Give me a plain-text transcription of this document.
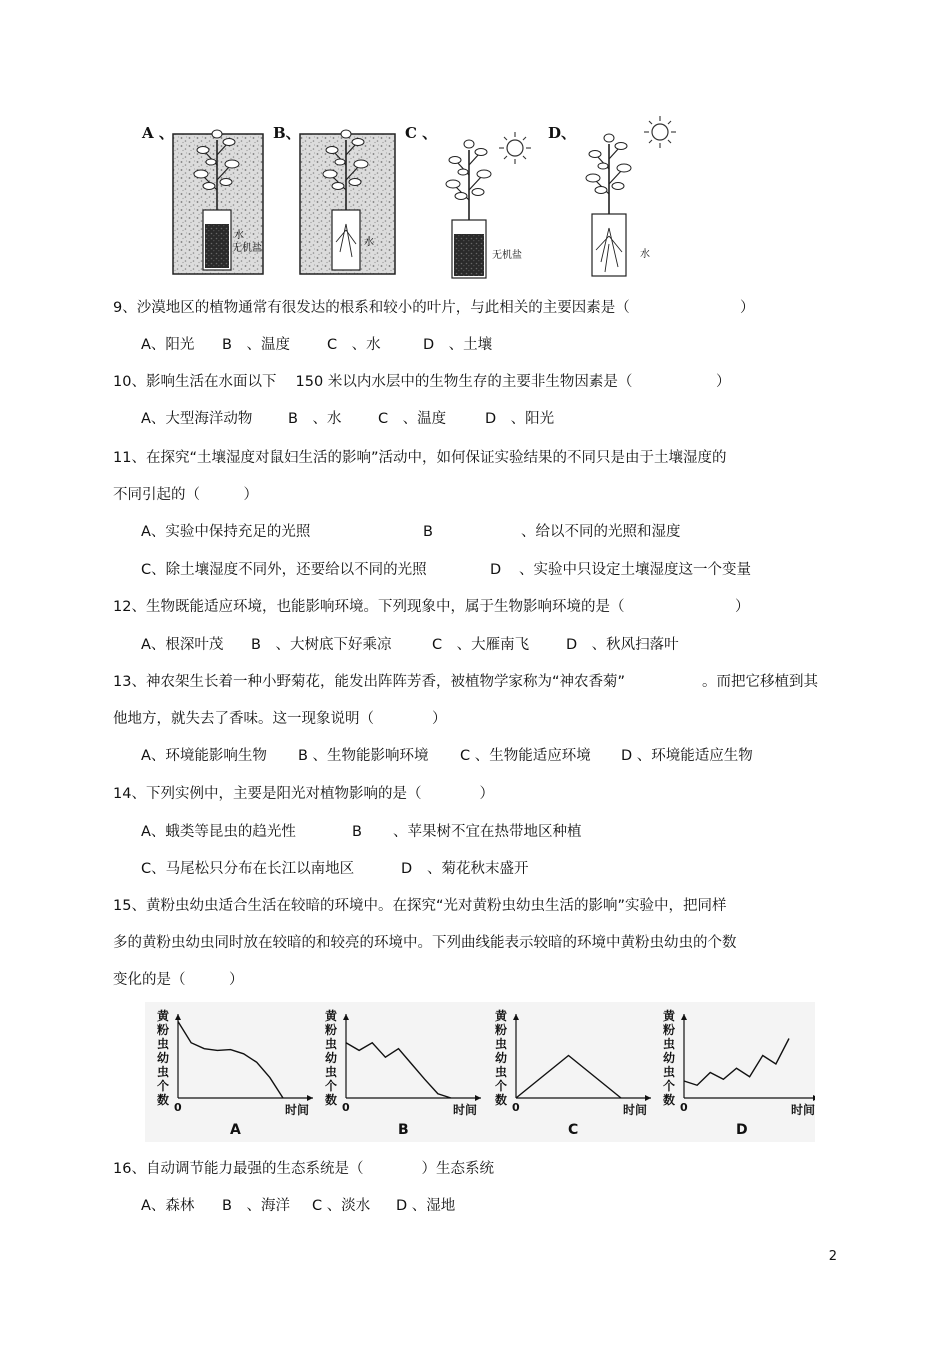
水
无机盐
水
无机盐	水
A 、	B、	C 、	D、
9、沙漠地区的植物通常有很发达的根系和较小的叶片，与此相关的主要因素是（	）
A、阳光 B　、温度	C　、水	D　、土壤
10、影响生活在水面以下　 150 米以内水层中的生物生存的主要非生物因素是（	）
A、大型海洋动物 B　、水	C　、温度	D　、阳光
11、在探究“土壤湿度对鼠妇生活的影响”活动中，如何保证实验结果的不同只是由于土壤湿度的
不同引起的（　　　）
A、实验中保持充足的光照	B	、给以不同的光照和湿度
C、除土壤湿度不同外，还要给以不同的光照	D 、实验中只设定土壤湿度这一个变量
12、生物既能适应环境，也能影响环境。下列现象中，属于生物影响环境的是（	）
A、根深叶茂 B　、大树底下好乘凉	C　、大雁南飞	D　、秋风扫落叶
13、神农架生长着一种小野菊花，能发出阵阵芳香，被植物学家称为“神农香菊”	。而把它移植到其
他地方，就失去了香味。这一现象说明（　　　　）
A、环境能影响生物 B 、生物能影响环境 C 、生物能适应环境 D 、环境能适应生物
14、下列实例中，主要是阳光对植物影响的是（　　　　）
A、蛾类等昆虫的趋光性	B 、苹果树不宜在热带地区种植
C、马尾松只分布在长江以南地区	D 、菊花秋末盛开
15、黄粉虫幼虫适合生活在较暗的环境中。在探究“光对黄粉虫幼虫生活的影响”实验中，把同样
多的黄粉虫幼虫同时放在较暗的和较亮的环境中。下列曲线能表示较暗的环境中黄粉虫幼虫的个数
变化的是（　　　）
黄
粉
虫
幼
虫
个
数
0	时间
A
黄
粉
虫
幼
虫
个
数
0	时间
B
黄
粉
虫
幼
虫
个
数
0	时间
C
黄
粉
虫
幼
虫
个
数
0	时间
D
16、自动调节能力最强的生态系统是（　　　　）生态系统
A、森林 B　、海洋 C 、淡水 D 、湿地
2
